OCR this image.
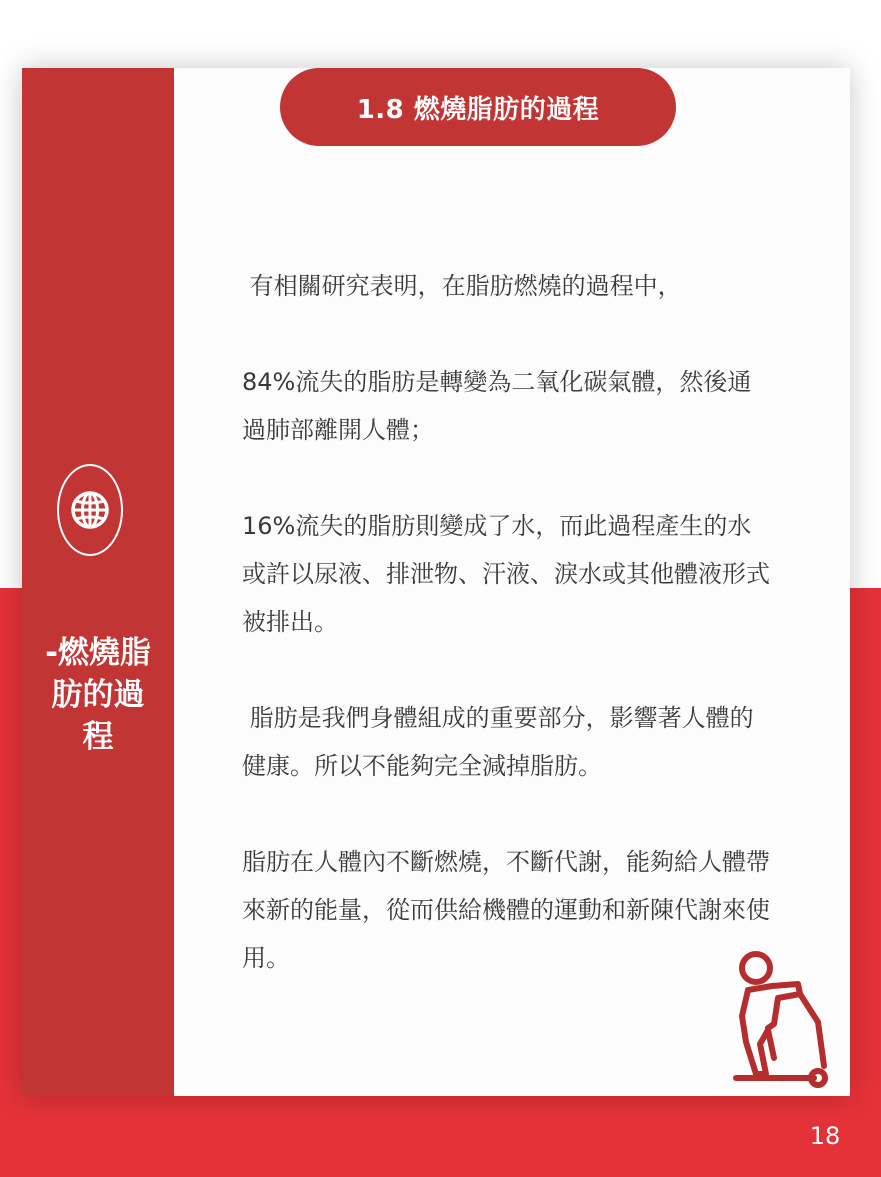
1.8 燃燒脂肪的過程
-燃燒脂
肪的過
程

有相關研究表明，在脂肪燃燒的過程中，

84%流失的脂肪是轉變為二氧化碳氣體，然後通過肺部離開人體；

16%流失的脂肪則變成了水，而此過程產生的水或許以尿液、排泄物、汗液、淚水或其他體液形式被排出。

脂肪是我們身體組成的重要部分，影響著人體的健康。所以不能夠完全減掉脂肪。

脂肪在人體內不斷燃燒，不斷代謝，能夠給人體帶來新的能量，從而供給機體的運動和新陳代謝來使用。

18
